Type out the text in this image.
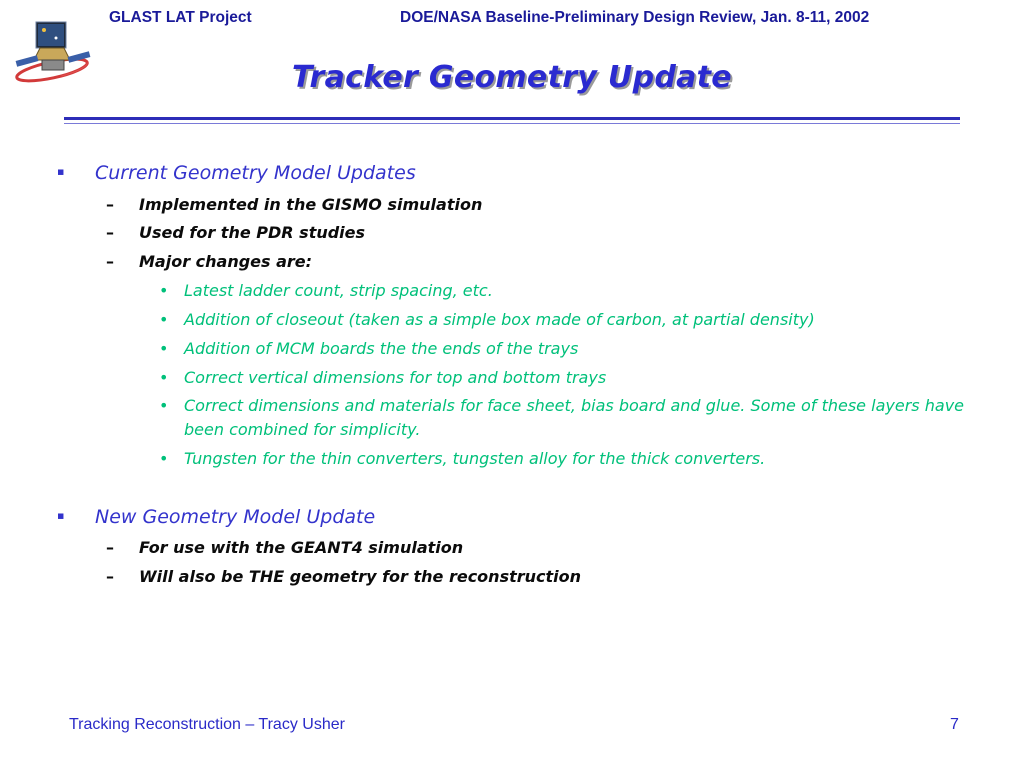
GLAST LAT Project	DOE/NASA Baseline-Preliminary Design Review, Jan. 8-11, 2002
Tracker Geometry Update
▪ Current Geometry Model Updates
– Implemented in the GISMO simulation
– Used for the PDR studies
– Major changes are:
• Latest ladder count, strip spacing, etc.
• Addition of closeout (taken as a simple box made of carbon, at partial density)
• Addition of MCM boards the the ends of the trays
• Correct vertical dimensions for top and bottom trays
• Correct dimensions and materials for face sheet, bias board and glue. Some of these layers have been combined for simplicity.
• Tungsten for the thin converters, tungsten alloy for the thick converters.
▪ New Geometry Model Update
– For use with the GEANT4 simulation
– Will also be THE geometry for the reconstruction
Tracking Reconstruction – Tracy Usher	7
